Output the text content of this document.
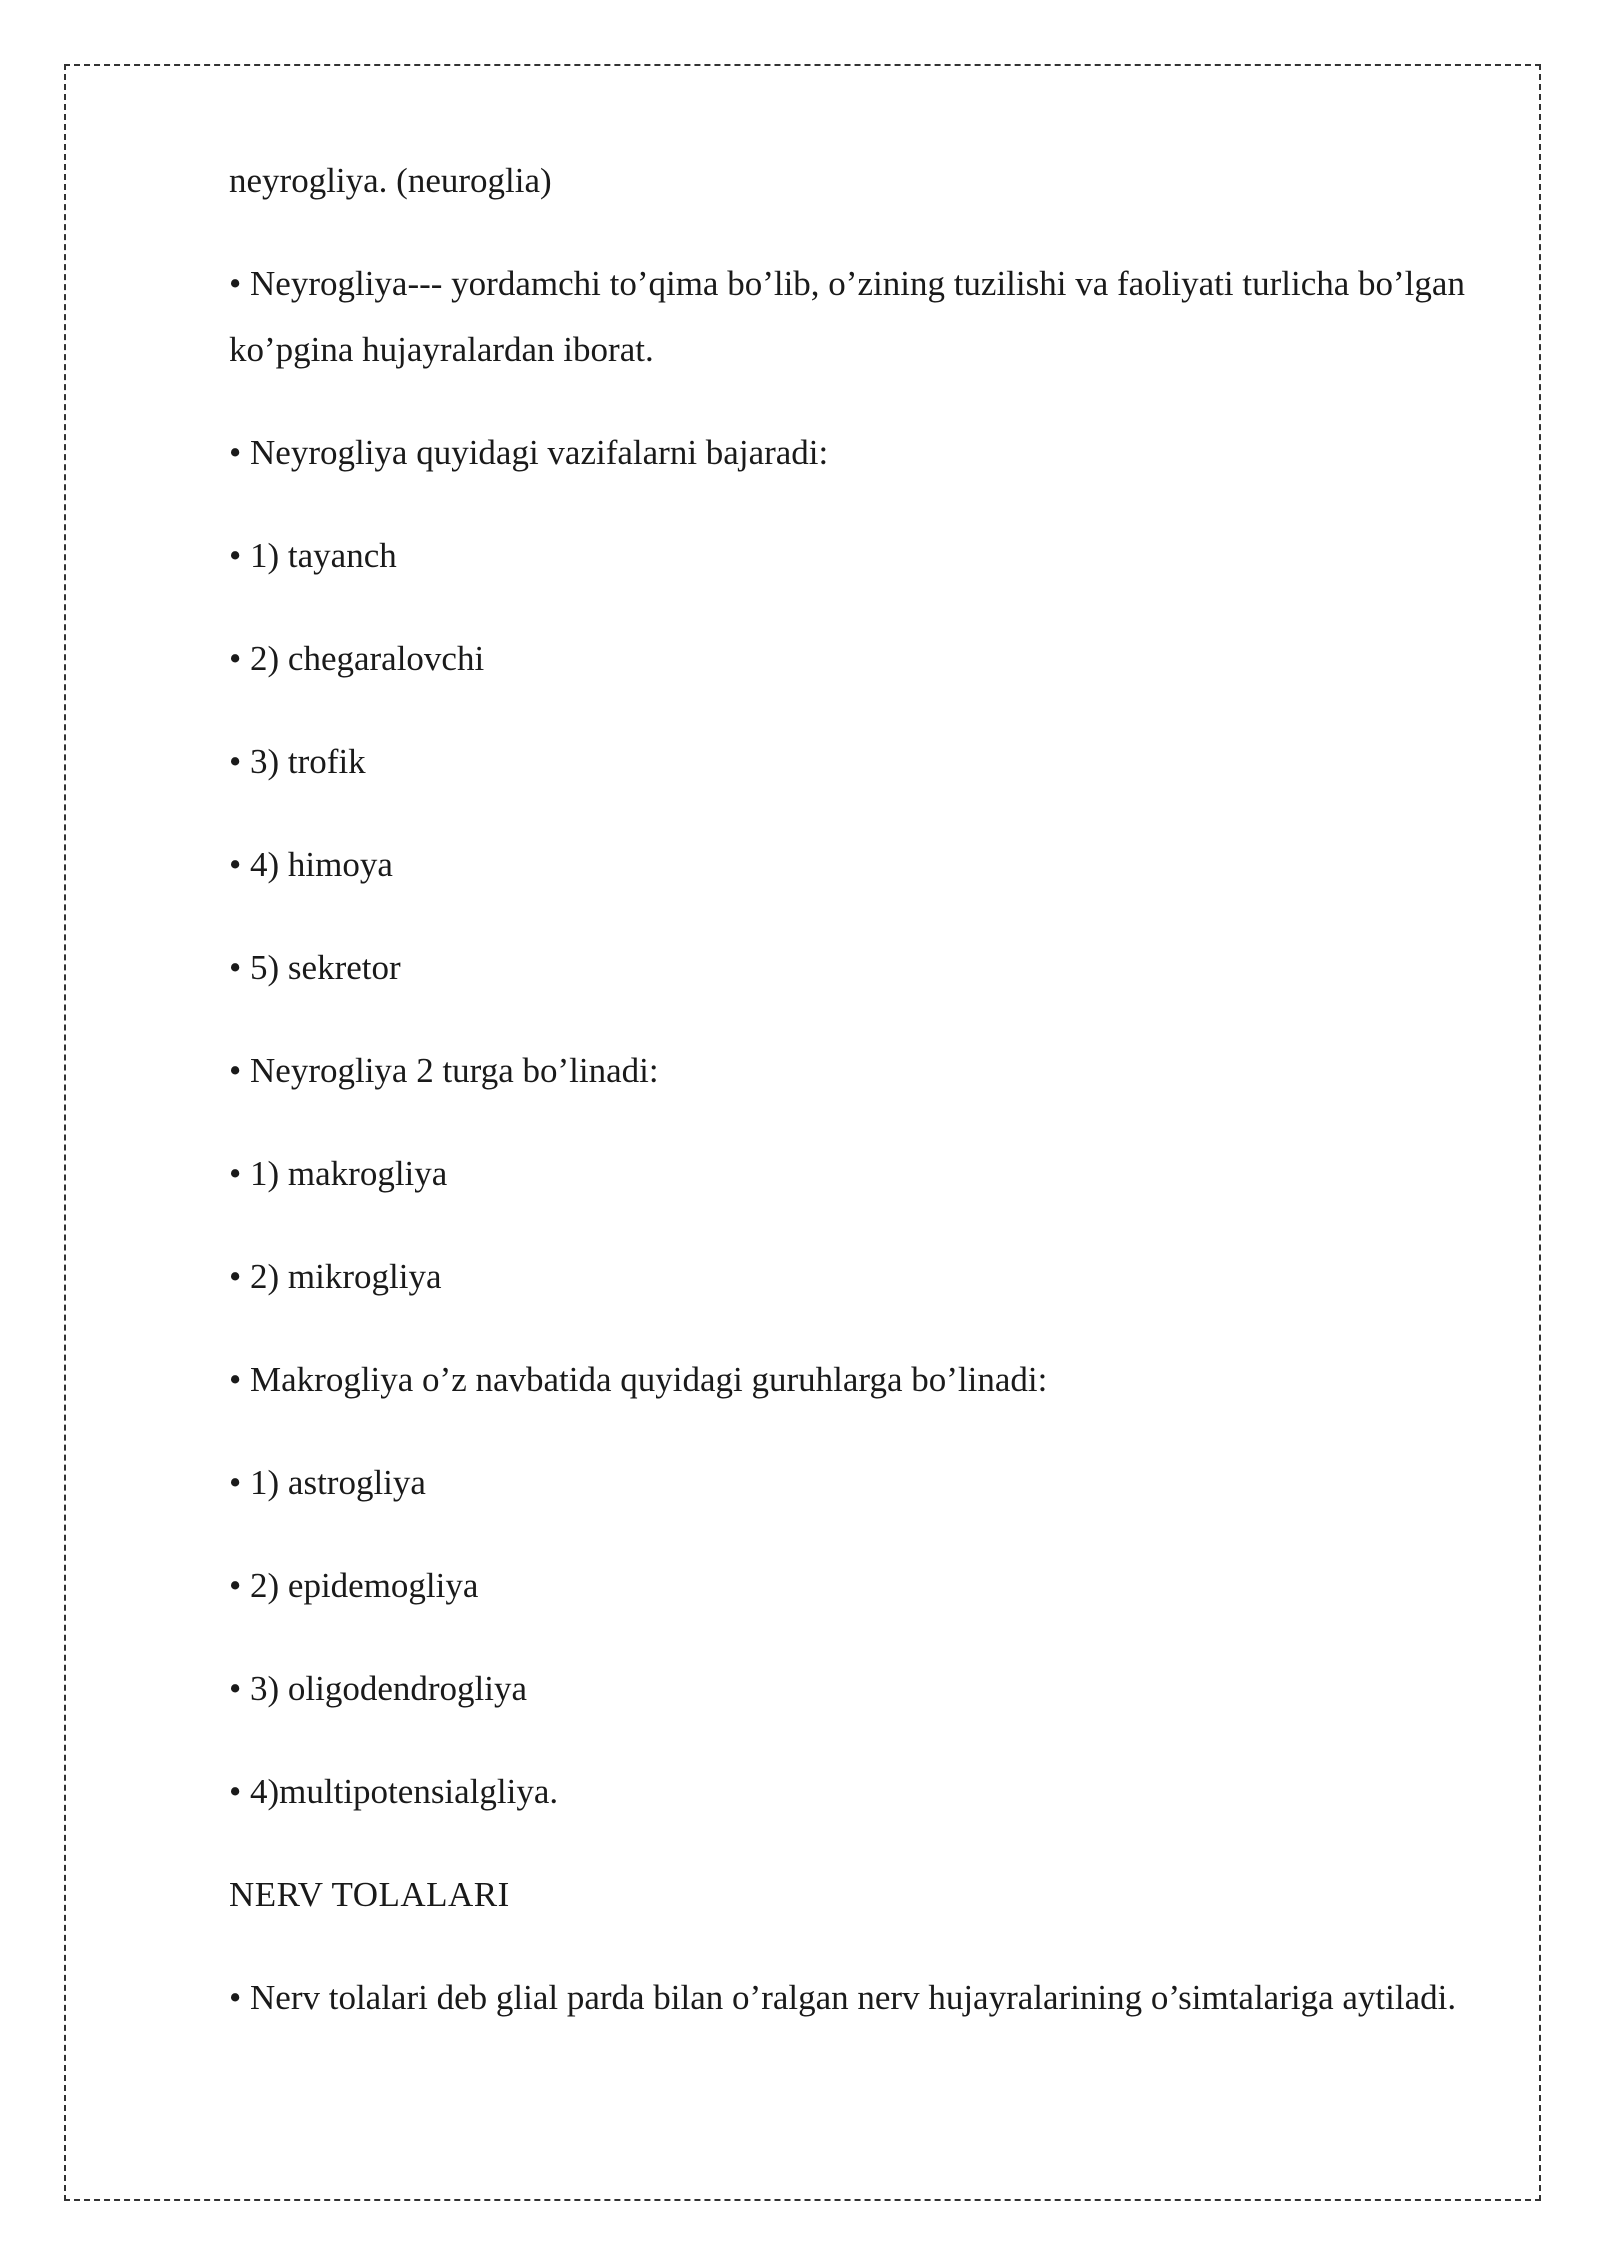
neyrogliya. (neuroglia)

• Neyrogliya--- yordamchi to’qima bo’lib, o’zining tuzilishi va faoliyati turlicha bo’lgan ko’pgina hujayralardan iborat.

• Neyrogliya quyidagi vazifalarni bajaradi:

• 1) tayanch

• 2) chegaralovchi

• 3) trofik

• 4) himoya

• 5) sekretor

• Neyrogliya 2 turga bo’linadi:

• 1) makrogliya

• 2) mikrogliya

• Makrogliya o’z navbatida quyidagi guruhlarga bo’linadi:

• 1) astrogliya

• 2) epidemogliya

• 3) oligodendrogliya

• 4)multipotensialgliya.

NERV TOLALARI

• Nerv tolalari deb glial parda bilan o’ralgan nerv hujayralarining o’simtalariga aytiladi.
